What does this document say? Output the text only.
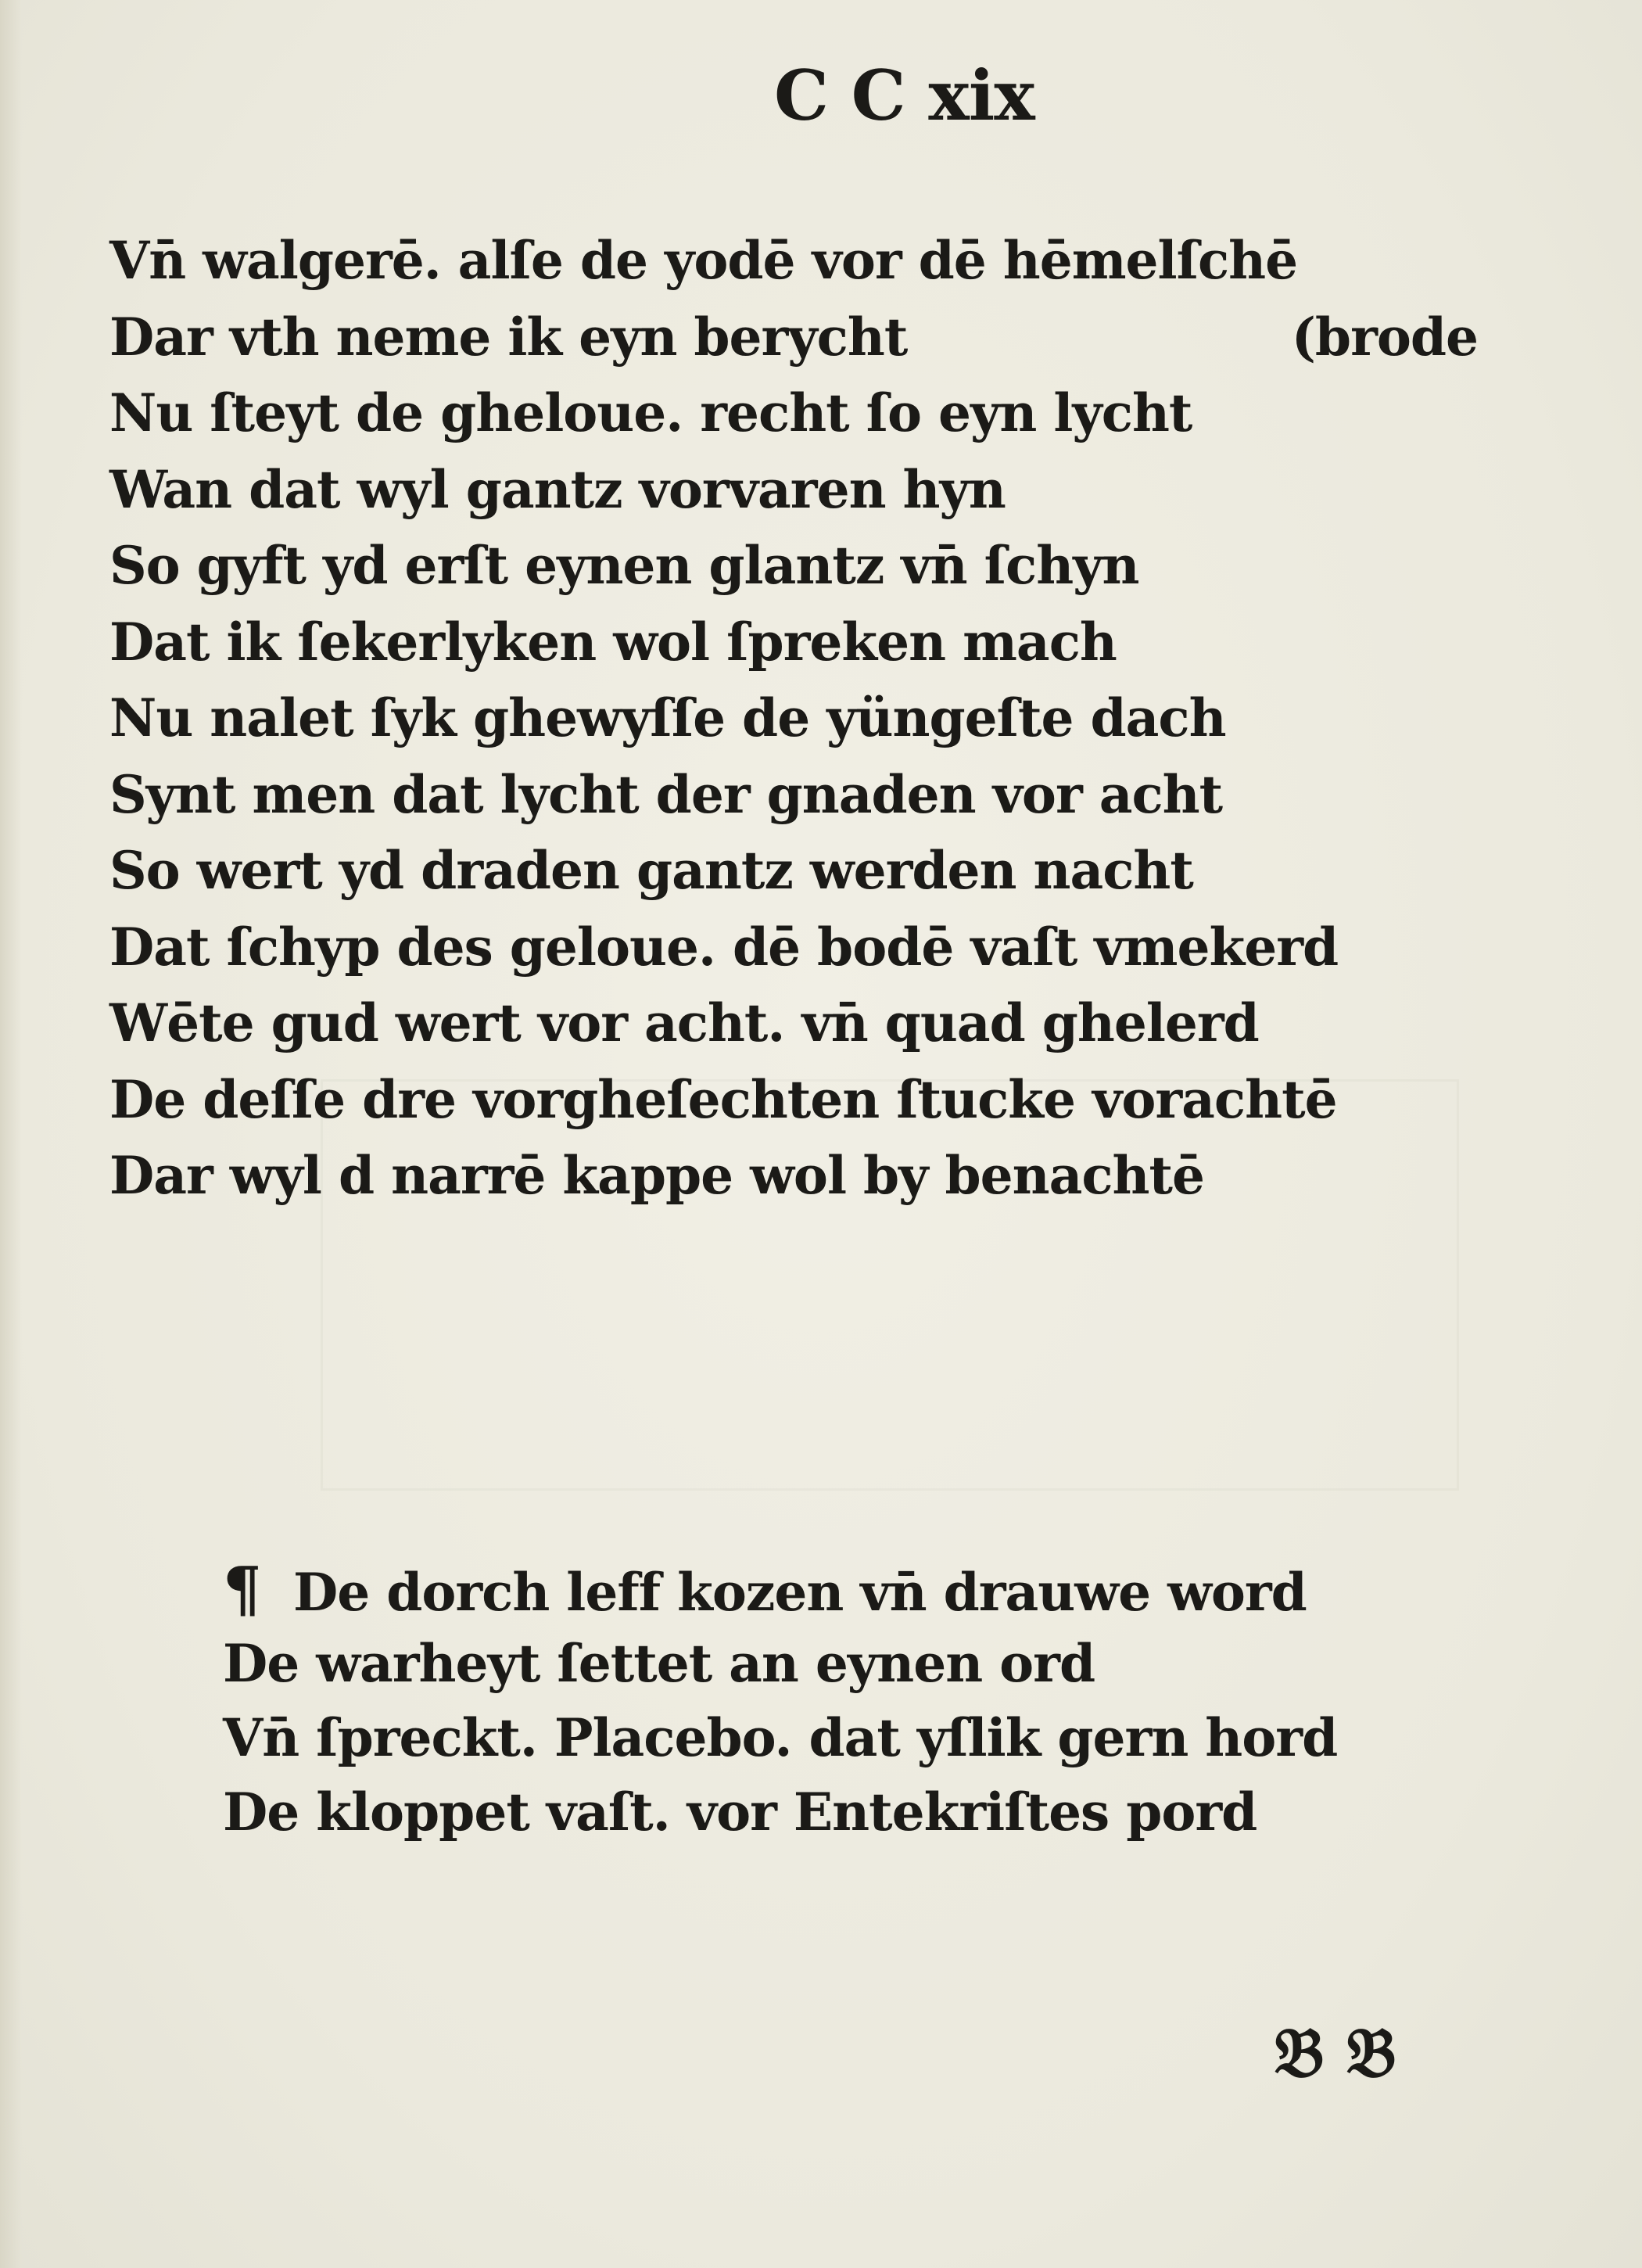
C C xix
Vn̄ walgerē. alſe de yodē vor dē hēmelſchē
Dar vth neme ik eyn berycht	(brode
Nu ſteyt de gheloue. recht ſo eyn lycht
Wan dat wyl gantz vorvaren hyn
So gyft yd erſt eynen glantz vn̄ ſchyn
Dat ik ſekerlyken wol ſpreken mach
Nu nalet ſyk ghewyſſe de yüngeſte dach
Synt men dat lycht der gnaden vor acht
So wert yd draden gantz werden nacht
Dat ſchyp des geloue. dē bodē vaſt vmekerd
Wēte gud wert vor acht. vn̄ quad ghelerd
De deſſe dre vorgheſechten ſtucke vorachtē
Dar wyl d narrē kappe wol by benachtē
¶ De dorch leff kozen vn̄ drauwe word
De warheyt ſettet an eynen ord
Vn̄ ſpreckt. Placebo. dat yſlik gern hord
De kloppet vaſt. vor Entekriſtes pord
𝔅 𝔅
